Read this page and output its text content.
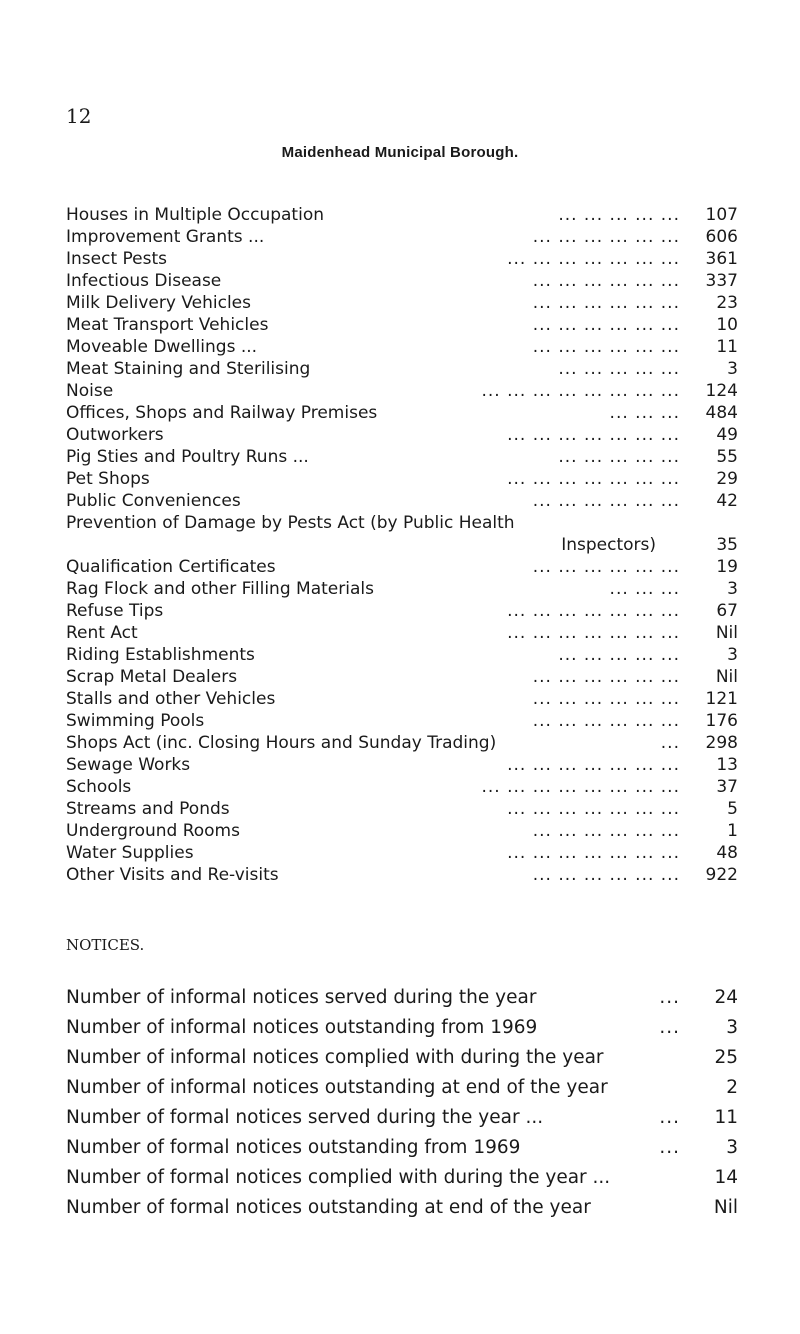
12
Maidenhead Municipal Borough.
Houses in Multiple Occupation	... ... ... ... ... 107
Improvement Grants ...	... ... ... ... ... ... 606
Insect Pests	... ... ... ... ... ... ... 361
Infectious Disease	... ... ... ... ... ... 337
Milk Delivery Vehicles	... ... ... ... ... ... 23
Meat Transport Vehicles	... ... ... ... ... ... 10
Moveable Dwellings ...	... ... ... ... ... ... 11
Meat Staining and Sterilising	... ... ... ... ...	3
Noise	... ... ... ... ... ... ... ... 124
Offices, Shops and Railway Premises	... ... ... 484
Outworkers	... ... ... ... ... ... ... 49
Pig Sties and Poultry Runs ...	... ... ... ... ... 55
Pet Shops	... ... ... ... ... ... ... 29
Public Conveniences	... ... ... ... ... ... 42
Prevention of Damage by Pests Act (by Public Health
Inspectors)	35
Qualification Certificates	... ... ... ... ... ... 19
Rag Flock and other Filling Materials	... ... ...	3
Refuse Tips	... ... ... ... ... ... ... 67
Rent Act	... ... ... ... ... ... ... Nil
Riding Establishments	... ... ... ... ...	3
Scrap Metal Dealers	... ... ... ... ... ... Nil
Stalls and other Vehicles	... ... ... ... ... ... 121
Swimming Pools	... ... ... ... ... ... 176
Shops Act (inc. Closing Hours and Sunday Trading)	... 298
Sewage Works	... ... ... ... ... ... ... 13
Schools	... ... ... ... ... ... ... ... 37
Streams and Ponds	... ... ... ... ... ... ...	5
Underground Rooms	... ... ... ... ... ...	1
Water Supplies	... ... ... ... ... ... ... 48
Other Visits and Re-visits	... ... ... ... ... ... 922
NOTICES.
Number of informal notices served during the year	... 24
Number of informal notices outstanding from 1969	... 3
Number of informal notices complied with during the year	25
Number of informal notices outstanding at end of the year	2
Number of formal notices served during the year ...	... 11
Number of formal notices outstanding from 1969	... 3
Number of formal notices complied with during the year ...	14
Number of formal notices outstanding at end of the year	Nil
